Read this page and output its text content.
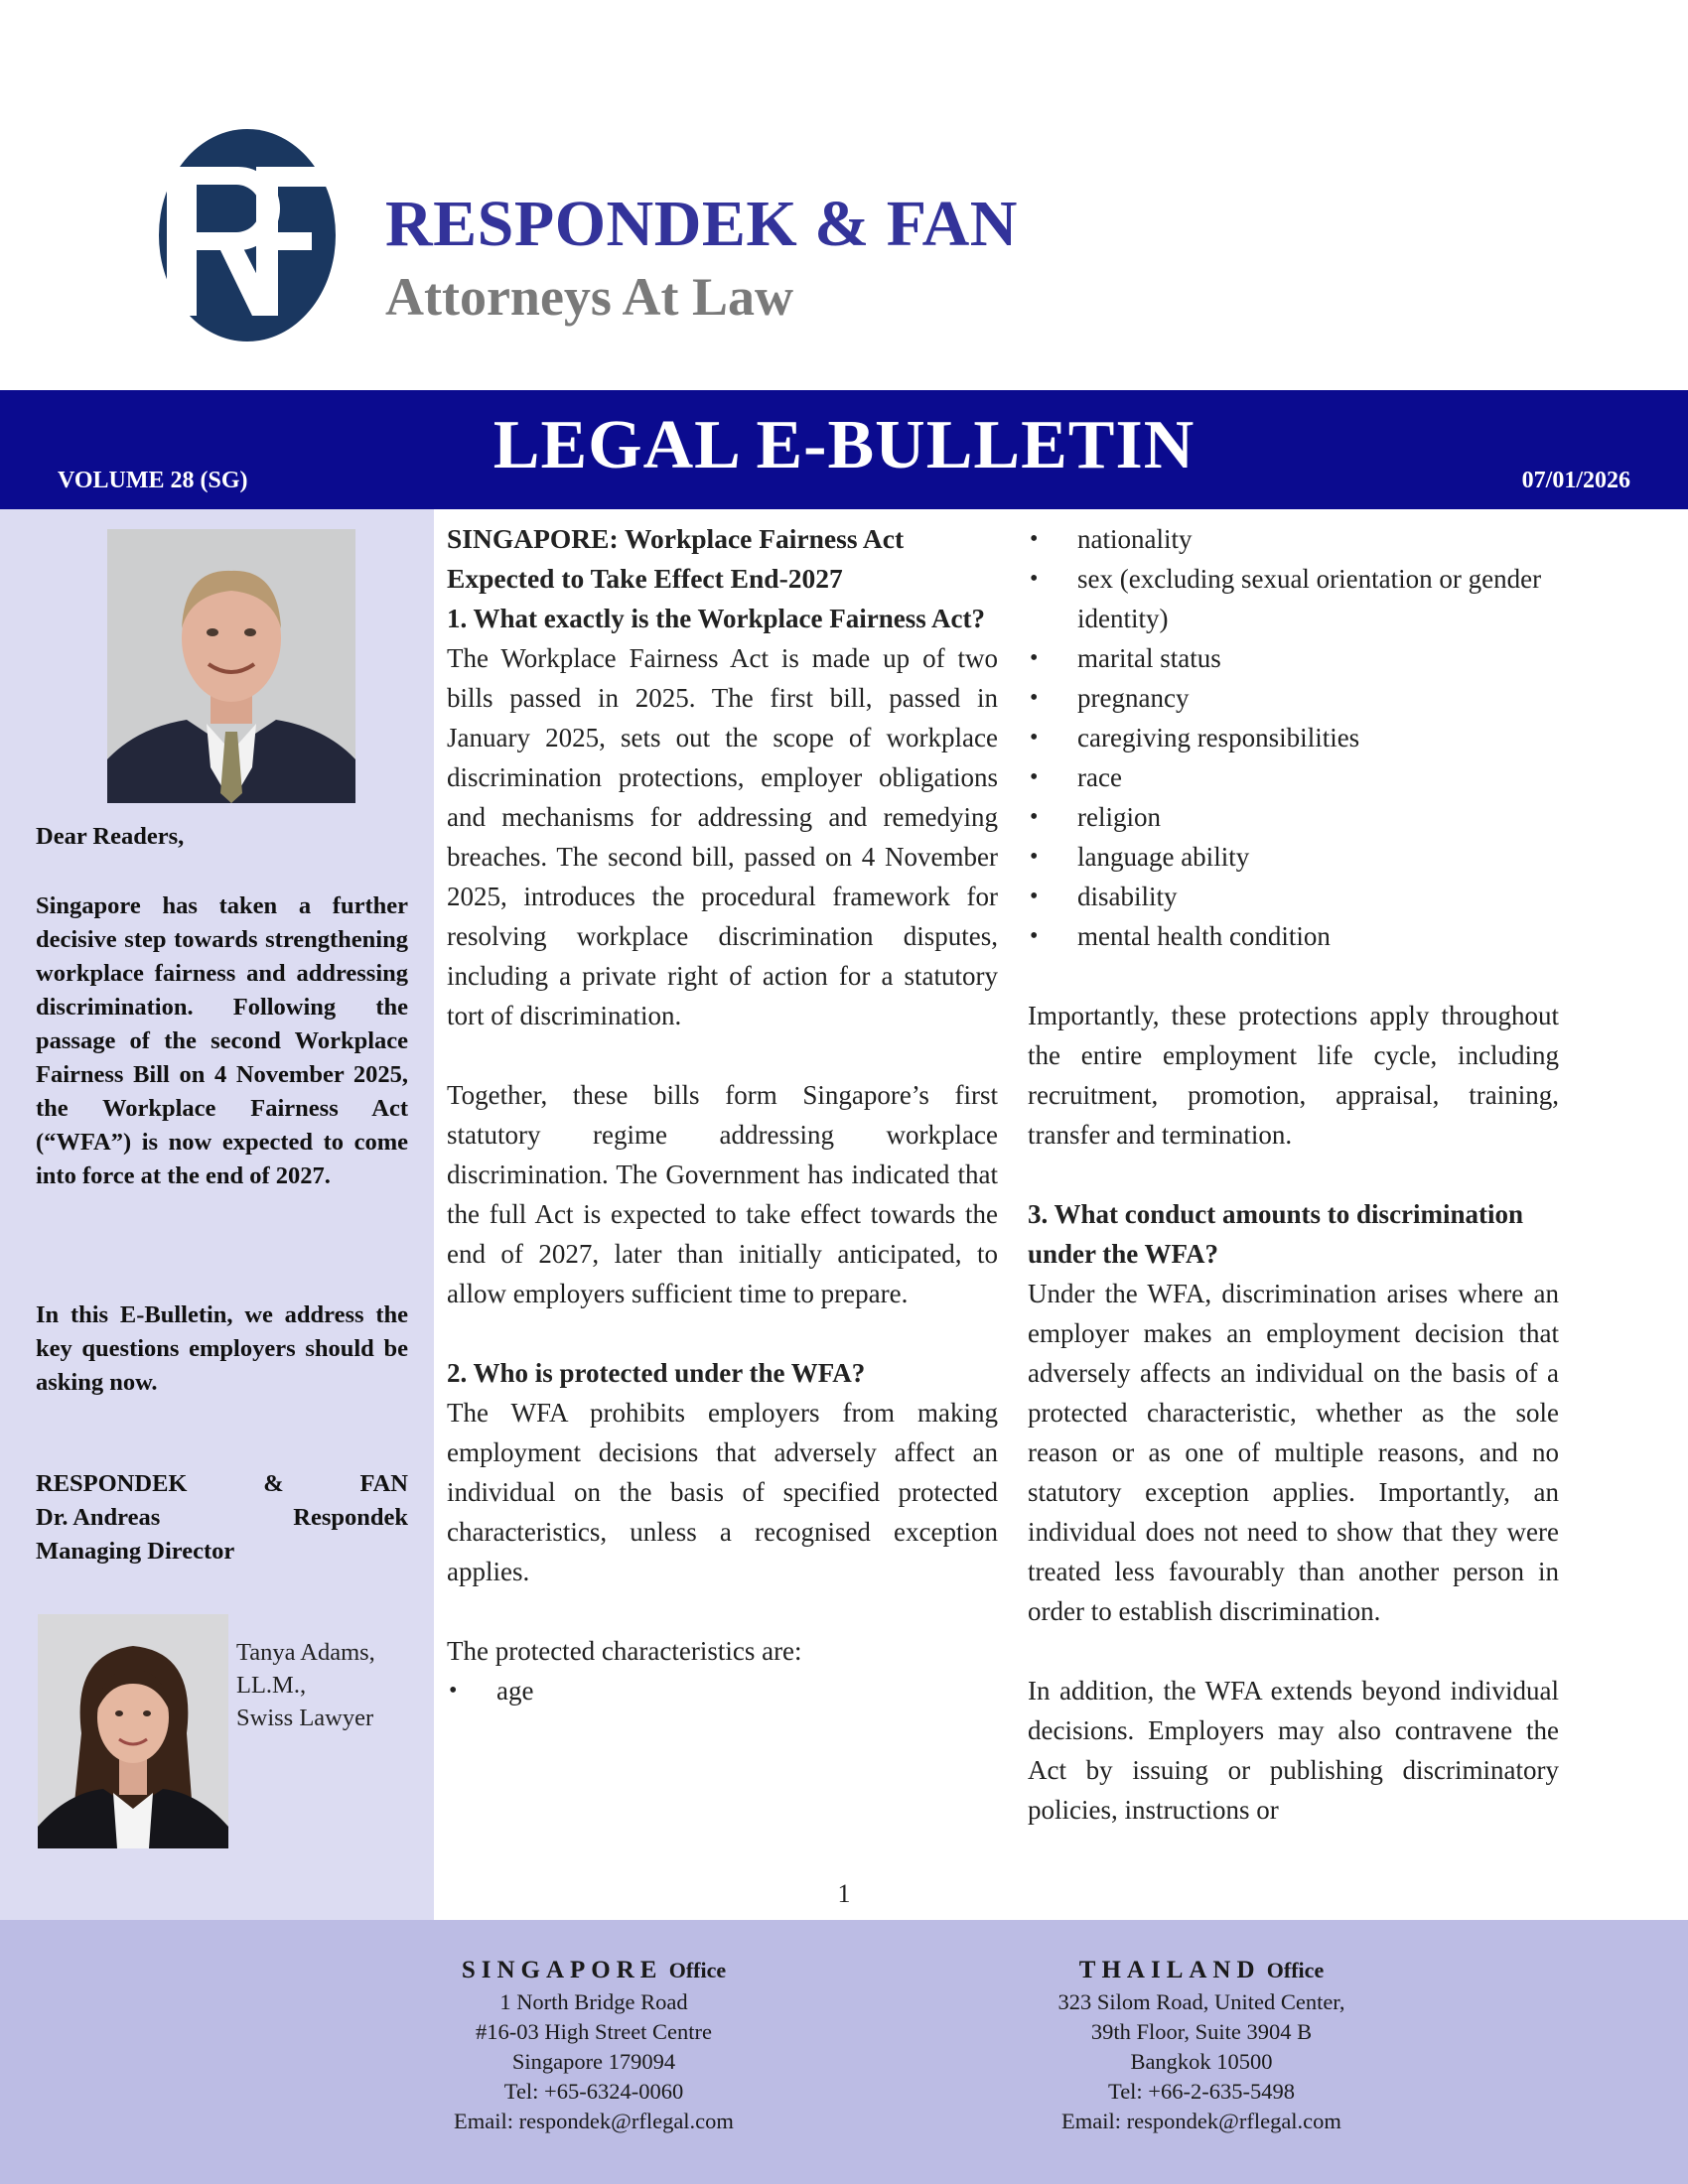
RESPONDEK & FAN
Attorneys At Law
LEGAL E-BULLETIN
VOLUME 28 (SG)	07/01/2026
Dear Readers,
Singapore has taken a further decisive step towards strengthening workplace fairness and addressing discrimination. Following the passage of the second Workplace Fairness Bill on 4 November 2025, the Workplace Fairness Act (“WFA”) is now expected to come into force at the end of 2027.
In this E-Bulletin, we address the key questions employers should be asking now.
RESPONDEK	&	FAN
Dr. Andreas	Respondek
Managing Director
Tanya Adams,
LL.M.,
Swiss Lawyer

SINGAPORE: Workplace Fairness Act Expected to Take Effect End-2027

1. What exactly is the Workplace Fairness Act?

The Workplace Fairness Act is made up of two bills passed in 2025. The first bill, passed in January 2025, sets out the scope of workplace discrimination protections, employer obligations and mechanisms for addressing and remedying breaches. The second bill, passed on 4 November 2025, introduces the procedural framework for resolving workplace discrimination disputes, including a private right of action for a statutory tort of discrimination.

Together, these bills form Singapore’s first statutory regime addressing workplace discrimination. The Government has indicated that the full Act is expected to take effect towards the end of 2027, later than initially anticipated, to allow employers sufficient time to prepare.

2. Who is protected under the WFA?

The WFA prohibits employers from making employment decisions that adversely affect an individual on the basis of specified protected characteristics, unless a recognised exception applies.

The protected characteristics are:

• age
• nationality
• sex (excluding sexual orientation or gender identity)
• marital status
• pregnancy
• caregiving responsibilities
• race
• religion
• language ability
• disability
• mental health condition

Importantly, these protections apply throughout the entire employment life cycle, including recruitment, promotion, appraisal, training, transfer and termination.

3. What conduct amounts to discrimination under the WFA?

Under the WFA, discrimination arises where an employer makes an employment decision that adversely affects an individual on the basis of a protected characteristic, whether as the sole reason or as one of multiple reasons, and no statutory exception applies. Importantly, an individual does not need to show that they were treated less favourably than another person in order to establish discrimination.

In addition, the WFA extends beyond individual decisions. Employers may also contravene the Act by issuing or publishing discriminatory policies, instructions or

1
SINGAPORE Office
1 North Bridge Road
#16-03 High Street Centre
Singapore 179094
Tel: +65-6324-0060
Email: respondek@rflegal.com
THAILAND Office
323 Silom Road, United Center,
39th Floor, Suite 3904 B
Bangkok 10500
Tel: +66-2-635-5498
Email: respondek@rflegal.com
